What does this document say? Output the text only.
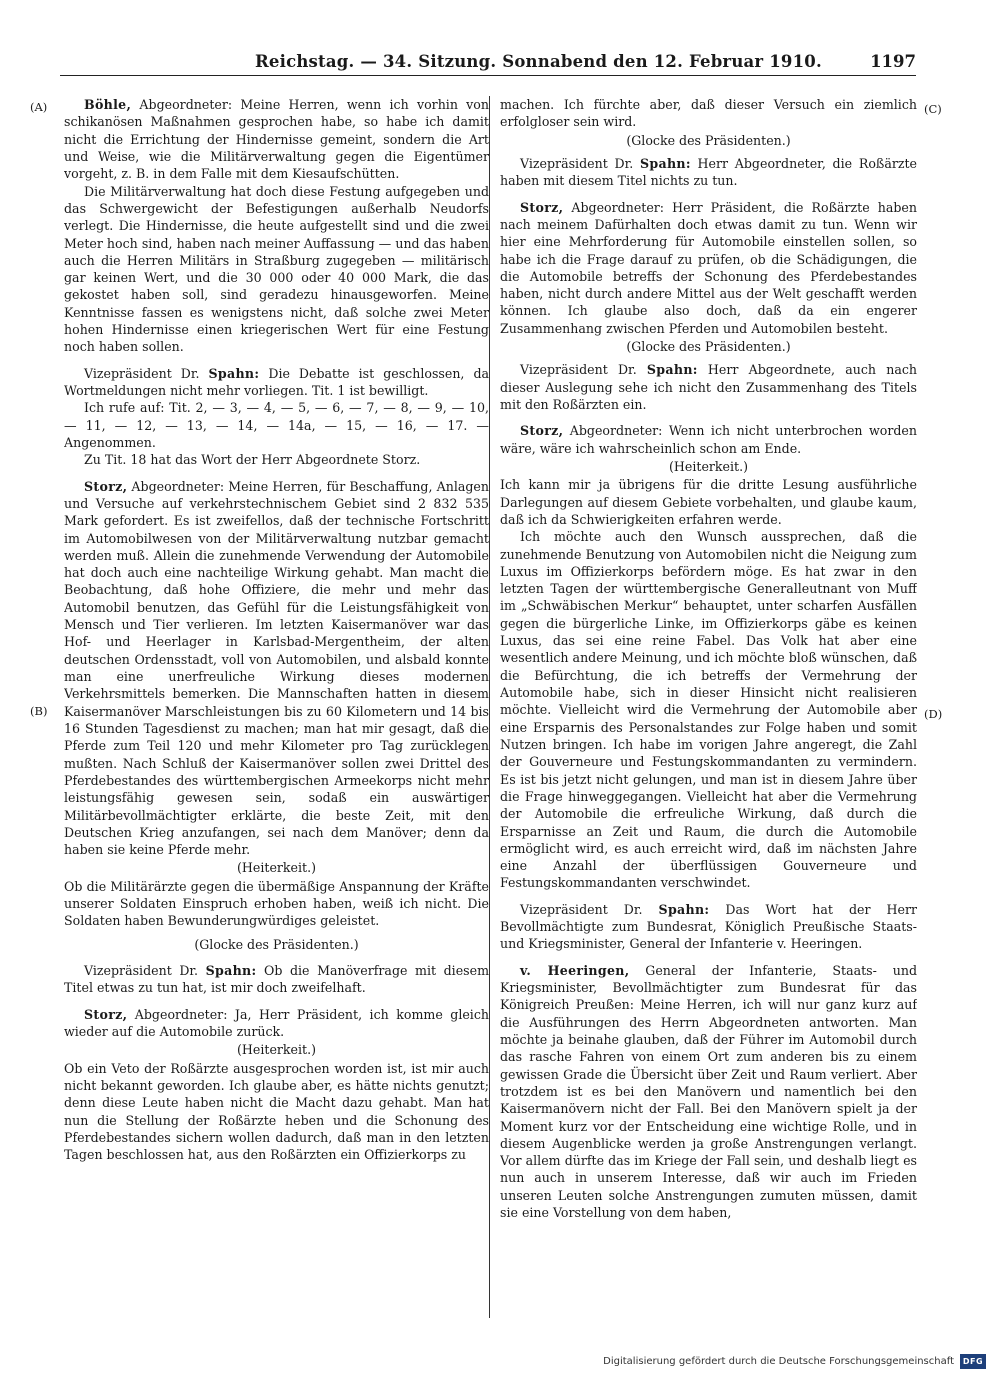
Reichstag. — 34. Sitzung. Sonnabend den 12. Februar 1910.	1197
(A)
(B)
(C)
(D)

Böhle, Abgeordneter: Meine Herren, wenn ich vorhin von schikanösen Maßnahmen gesprochen habe, so habe ich damit nicht die Errichtung der Hindernisse gemeint, sondern die Art und Weise, wie die Militärverwaltung gegen die Eigentümer vorgeht, z. B. in dem Falle mit dem Kiesaufschütten.

Die Militärverwaltung hat doch diese Festung aufgegeben und das Schwergewicht der Befestigungen außerhalb Neudorfs verlegt. Die Hindernisse, die heute aufgestellt sind und die zwei Meter hoch sind, haben nach meiner Auffassung — und das haben auch die Herren Militärs in Straßburg zugegeben — militärisch gar keinen Wert, und die 30 000 oder 40 000 Mark, die das gekostet haben soll, sind geradezu hinausgeworfen. Meine Kenntnisse fassen es wenigstens nicht, daß solche zwei Meter hohen Hindernisse einen kriegerischen Wert für eine Festung noch haben sollen.

Vizepräsident Dr. Spahn: Die Debatte ist geschlossen, da Wortmeldungen nicht mehr vorliegen. Tit. 1 ist bewilligt.

Ich rufe auf: Tit. 2, — 3, — 4, — 5, — 6, — 7, — 8, — 9, — 10, — 11, — 12, — 13, — 14, — 14a, — 15, — 16, — 17. — Angenommen.

Zu Tit. 18 hat das Wort der Herr Abgeordnete Storz.

Storz, Abgeordneter: Meine Herren, für Beschaffung, Anlagen und Versuche auf verkehrstechnischem Gebiet sind 2 832 535 Mark gefordert. Es ist zweifellos, daß der technische Fortschritt im Automobilwesen von der Militärverwaltung nutzbar gemacht werden muß. Allein die zunehmende Verwendung der Automobile hat doch auch eine nachteilige Wirkung gehabt. Man macht die Beobachtung, daß hohe Offiziere, die mehr und mehr das Automobil benutzen, das Gefühl für die Leistungsfähigkeit von Mensch und Tier verlieren. Im letzten Kaisermanöver war das Hof- und Heerlager in Karlsbad-Mergentheim, der alten deutschen Ordensstadt, voll von Automobilen, und alsbald konnte man eine unerfreuliche Wirkung dieses modernen Verkehrsmittels bemerken. Die Mannschaften hatten in diesem Kaisermanöver Marschleistungen bis zu 60 Kilometern und 14 bis 16 Stunden Tagesdienst zu machen; man hat mir gesagt, daß die Pferde zum Teil 120 und mehr Kilometer pro Tag zurücklegen mußten. Nach Schluß der Kaisermanöver sollen zwei Drittel des Pferdebestandes des württembergischen Armeekorps nicht mehr leistungsfähig gewesen sein, sodaß ein auswärtiger Militärbevollmächtigter erklärte, die beste Zeit, mit den Deutschen Krieg anzufangen, sei nach dem Manöver; denn da haben sie keine Pferde mehr.

(Heiterkeit.)

Ob die Militärärzte gegen die übermäßige Anspannung der Kräfte unserer Soldaten Einspruch erhoben haben, weiß ich nicht. Die Soldaten haben Bewunderungwürdiges geleistet.

(Glocke des Präsidenten.)

Vizepräsident Dr. Spahn: Ob die Manöverfrage mit diesem Titel etwas zu tun hat, ist mir doch zweifelhaft.

Storz, Abgeordneter: Ja, Herr Präsident, ich komme gleich wieder auf die Automobile zurück.

(Heiterkeit.)

Ob ein Veto der Roßärzte ausgesprochen worden ist, ist mir auch nicht bekannt geworden. Ich glaube aber, es hätte nichts genutzt; denn diese Leute haben nicht die Macht dazu gehabt. Man hat nun die Stellung der Roßärzte heben und die Schonung des Pferdebestandes sichern wollen dadurch, daß man in den letzten Tagen beschlossen hat, aus den Roßärzten ein Offizierkorps zu

machen. Ich fürchte aber, daß dieser Versuch ein ziemlich erfolgloser sein wird.

(Glocke des Präsidenten.)

Vizepräsident Dr. Spahn: Herr Abgeordneter, die Roßärzte haben mit diesem Titel nichts zu tun.

Storz, Abgeordneter: Herr Präsident, die Roßärzte haben nach meinem Dafürhalten doch etwas damit zu tun. Wenn wir hier eine Mehrforderung für Automobile einstellen sollen, so habe ich die Frage darauf zu prüfen, ob die Schädigungen, die die Automobile betreffs der Schonung des Pferdebestandes haben, nicht durch andere Mittel aus der Welt geschafft werden können. Ich glaube also doch, daß da ein engerer Zusammenhang zwischen Pferden und Automobilen besteht.

(Glocke des Präsidenten.)

Vizepräsident Dr. Spahn: Herr Abgeordnete, auch nach dieser Auslegung sehe ich nicht den Zusammenhang des Titels mit den Roßärzten ein.

Storz, Abgeordneter: Wenn ich nicht unterbrochen worden wäre, wäre ich wahrscheinlich schon am Ende.

(Heiterkeit.)

Ich kann mir ja übrigens für die dritte Lesung ausführliche Darlegungen auf diesem Gebiete vorbehalten, und glaube kaum, daß ich da Schwierigkeiten erfahren werde.

Ich möchte auch den Wunsch aussprechen, daß die zunehmende Benutzung von Automobilen nicht die Neigung zum Luxus im Offizierkorps befördern möge. Es hat zwar in den letzten Tagen der württembergische Generalleutnant von Muff im „Schwäbischen Merkur“ behauptet, unter scharfen Ausfällen gegen die bürgerliche Linke, im Offizierkorps gäbe es keinen Luxus, das sei eine reine Fabel. Das Volk hat aber eine wesentlich andere Meinung, und ich möchte bloß wünschen, daß die Befürchtung, die ich betreffs der Vermehrung der Automobile habe, sich in dieser Hinsicht nicht realisieren möchte. Vielleicht wird die Vermehrung der Automobile aber eine Ersparnis des Personalstandes zur Folge haben und somit Nutzen bringen. Ich habe im vorigen Jahre angeregt, die Zahl der Gouverneure und Festungskommandanten zu vermindern. Es ist bis jetzt nicht gelungen, und man ist in diesem Jahre über die Frage hinweggegangen. Vielleicht hat aber die Vermehrung der Automobile die erfreuliche Wirkung, daß durch die Ersparnisse an Zeit und Raum, die durch die Automobile ermöglicht wird, es auch erreicht wird, daß im nächsten Jahre eine Anzahl der überflüssigen Gouverneure und Festungskommandanten verschwindet.

Vizepräsident Dr. Spahn: Das Wort hat der Herr Bevollmächtigte zum Bundesrat, Königlich Preußische Staats- und Kriegsminister, General der Infanterie v. Heeringen.

v. Heeringen, General der Infanterie, Staats- und Kriegsminister, Bevollmächtigter zum Bundesrat für das Königreich Preußen: Meine Herren, ich will nur ganz kurz auf die Ausführungen des Herrn Abgeordneten antworten. Man möchte ja beinahe glauben, daß der Führer im Automobil durch das rasche Fahren von einem Ort zum anderen bis zu einem gewissen Grade die Übersicht über Zeit und Raum verliert. Aber trotzdem ist es bei den Manövern und namentlich bei den Kaisermanövern nicht der Fall. Bei den Manövern spielt ja der Moment kurz vor der Entscheidung eine wichtige Rolle, und in diesem Augenblicke werden ja große Anstrengungen verlangt. Vor allem dürfte das im Kriege der Fall sein, und deshalb liegt es nun auch in unserem Interesse, daß wir auch im Frieden unseren Leuten solche Anstrengungen zumuten müssen, damit sie eine Vorstellung von dem haben,

Digitalisierung gefördert durch die Deutsche Forschungsgemeinschaft	DFG
